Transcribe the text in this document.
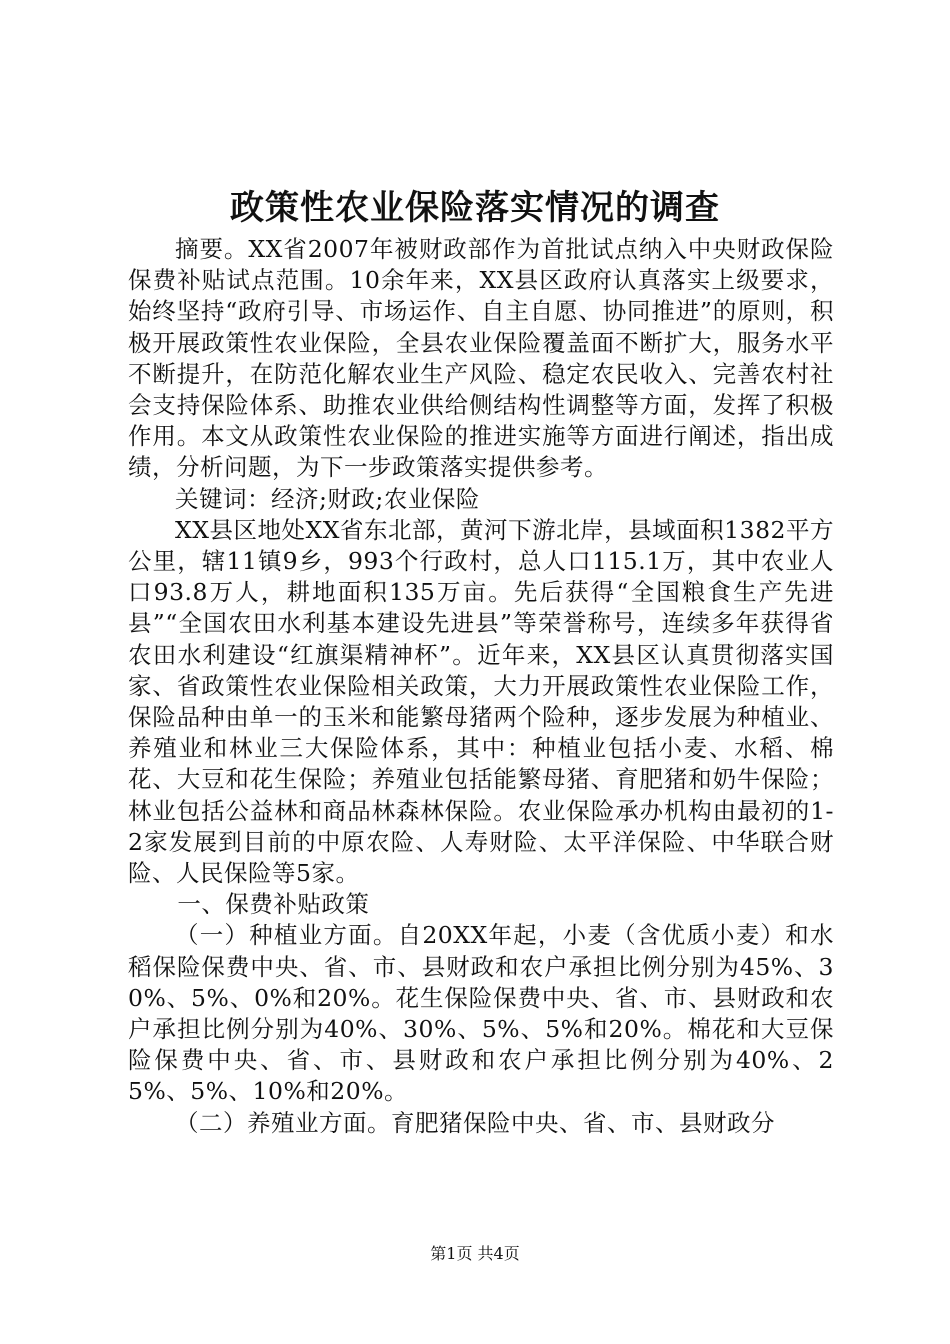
政策性农业保险落实情况的调查

摘要。XX省2007年被财政部作为首批试点纳入中央财政保险保费补贴试点范围。10余年来，XX县区政府认真落实上级要求，始终坚持“政府引导、市场运作、自主自愿、协同推进”的原则，积极开展政策性农业保险，全县农业保险覆盖面不断扩大，服务水平不断提升，在防范化解农业生产风险、稳定农民收入、完善农村社会支持保险体系、助推农业供给侧结构性调整等方面，发挥了积极作用。本文从政策性农业保险的推进实施等方面进行阐述，指出成绩，分析问题，为下一步政策落实提供参考。

关键词：经济;财政;农业保险

XX县区地处XX省东北部，黄河下游北岸，县域面积1382平方公里，辖11镇9乡，993个行政村，总人口115.1万，其中农业人口93.8万人，耕地面积135万亩。先后获得“全国粮食生产先进县”“全国农田水利基本建设先进县”等荣誉称号，连续多年获得省农田水利建设“红旗渠精神杯”。近年来，XX县区认真贯彻落实国家、省政策性农业保险相关政策，大力开展政策性农业保险工作，保险品种由单一的玉米和能繁母猪两个险种，逐步发展为种植业、养殖业和林业三大保险体系，其中：种植业包括小麦、水稻、棉花、大豆和花生保险；养殖业包括能繁母猪、育肥猪和奶牛保险；林业包括公益林和商品林森林保险。农业保险承办机构由最初的1-2家发展到目前的中原农险、人寿财险、太平洋保险、中华联合财险、人民保险等5家。

一、保费补贴政策

（一）种植业方面。自20XX年起，小麦（含优质小麦）和水稻保险保费中央、省、市、县财政和农户承担比例分别为45%、30%、5%、0%和20%。花生保险保费中央、省、市、县财政和农户承担比例分别为40%、30%、5%、5%和20%。棉花和大豆保险保费中央、省、市、县财政和农户承担比例分别为40%、25%、5%、10%和20%。

（二）养殖业方面。育肥猪保险中央、省、市、县财政分

第1页 共4页
